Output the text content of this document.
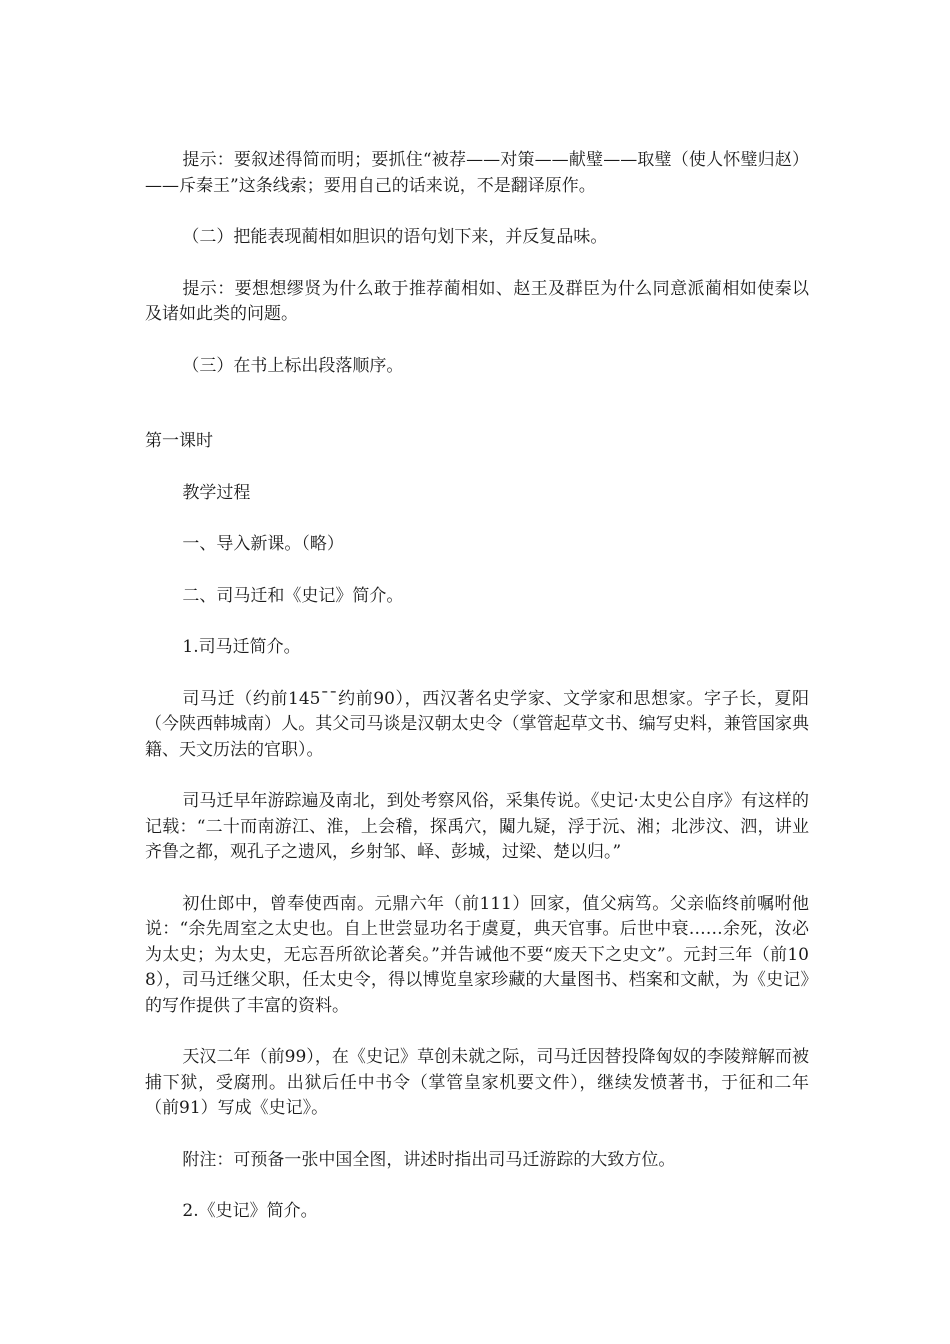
提示：要叙述得简而明；要抓住“被荐——对策——献璧——取璧（使人怀璧归赵）——斥秦王”这条线索；要用自己的话来说，不是翻译原作。

（二）把能表现蔺相如胆识的语句划下来，并反复品味。

提示：要想想缪贤为什么敢于推荐蔺相如、赵王及群臣为什么同意派蔺相如使秦以及诸如此类的问题。

（三）在书上标出段落顺序。

第一课时

教学过程

一、导入新课。（略）

二、司马迁和《史记》简介。

1.司马迁简介。

司马迁（约前145¯¯约前90），西汉著名史学家、文学家和思想家。字子长，夏阳（今陕西韩城南）人。其父司马谈是汉朝太史令（掌管起草文书、编写史料，兼管国家典籍、天文历法的官职）。

司马迁早年游踪遍及南北，到处考察风俗，采集传说。《史记·太史公自序》有这样的记载：“二十而南游江、淮，上会稽，探禹穴，闚九疑，浮于沅、湘；北涉汶、泗，讲业齐鲁之都，观孔子之遗风，乡射邹、峄、彭城，过梁、楚以归。”

初仕郎中，曾奉使西南。元鼎六年（前111）回家，值父病笃。父亲临终前嘱咐他说：“余先周室之太史也。自上世尝显功名于虞夏，典天官事。后世中衰……余死，汝必为太史；为太史，无忘吾所欲论著矣。”并告诫他不要“废天下之史文”。元封三年（前108），司马迁继父职，任太史令，得以博览皇家珍藏的大量图书、档案和文献，为《史记》的写作提供了丰富的资料。

天汉二年（前99），在《史记》草创未就之际，司马迁因替投降匈奴的李陵辩解而被捕下狱，受腐刑。出狱后任中书令（掌管皇家机要文件），继续发愤著书，于征和二年（前91）写成《史记》。

附注：可预备一张中国全图，讲述时指出司马迁游踪的大致方位。

2.《史记》简介。
